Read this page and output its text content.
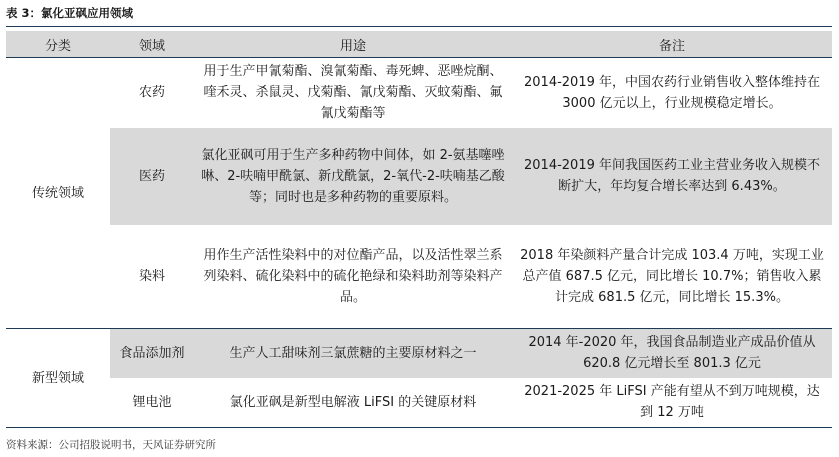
表 3：氯化亚砜应用领域
分类	领域	用途	备注
传统领域	农药	用于生产甲氰菊酯、溴氰菊酯、毒死蜱、恶唑烷酮、喹禾灵、杀鼠灵、戊菊酯、氰戊菊酯、灭蚊菊酯、氟氰戊菊酯等	2014-2019 年，中国农药行业销售收入整体维持在 3000 亿元以上，行业规模稳定增长。
	医药	氯化亚砜可用于生产多种药物中间体，如 2-氨基噻唑啉、2-呋喃甲酰氯、新戊酰氯，2-氧代-2-呋喃基乙酸等；同时也是多种药物的重要原料。	2014-2019 年间我国医药工业主营业务收入规模不断扩大，年均复合增长率达到 6.43%。
	染料	用作生产活性染料中的对位酯产品，以及活性翠兰系列染料、硫化染料中的硫化艳绿和染料助剂等染料产品。	2018 年染颜料产量合计完成 103.4 万吨，实现工业总产值 687.5 亿元，同比增长 10.7%；销售收入累计完成 681.5 亿元，同比增长 15.3%。
新型领域	食品添加剂	生产人工甜味剂三氯蔗糖的主要原材料之一	2014 年-2020 年，我国食品制造业产成品价值从 620.8 亿元增长至 801.3 亿元
	锂电池	氯化亚砜是新型电解液 LiFSI 的关键原材料	2021-2025 年 LiFSI 产能有望从不到万吨规模，达到 12 万吨
资料来源：公司招股说明书，天风证券研究所
